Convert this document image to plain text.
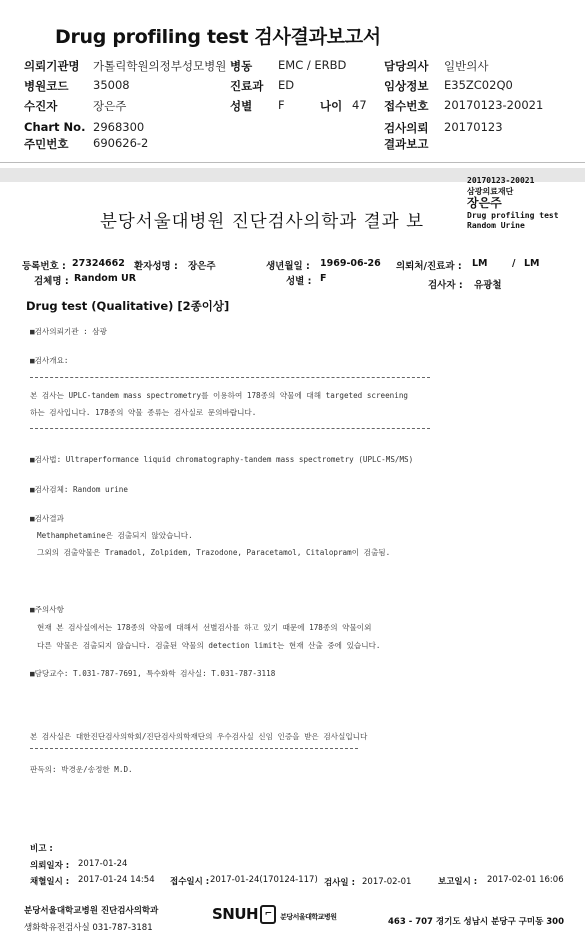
Drug profiling test 검사결과보고서
의뢰기관명 가톨릭학원의정부성모병원 병동 EMC / ERBD	담당의사 일반의사
병원코드 35008	진료과 ED	임상정보 E35ZC02Q0
수진자	장은주	성별 F	나이 47 접수번호 20170123-20021
Chart No. 2968300	검사의뢰 20170123
주민번호 690626-2	결과보고
20170123-20021
삼광의료재단
장은주
Drug profiling test
Random Urine
분당서울대병원 진단검사의학과 결과 보
등록번호 : 27324662 환자성명 : 장은주	생년월일 : 1969-06-26 의뢰처/진료과 : LM	/ LM
검체명 : Random UR	성별 : F
검사자 : 유광철
Drug test (Qualitative) [2종이상]
■검사의뢰기관 : 삼광
■검사개요:
본 검사는 UPLC-tandem mass spectrometry를 이용하여 178종의 약물에 대해 targeted screening
하는 검사입니다. 178종의 약물 종류는 검사실로 문의바랍니다.
■검사법: Ultraperformance liquid chromatography-tandem mass spectrometry (UPLC-MS/MS)
■검사검체: Random urine
■검사결과
Methamphetamine은 검출되지 않았습니다.
그외의 검출약물은 Tramadol, Zolpidem, Trazodone, Paracetamol, Citalopram이 검출됨.
■주의사항
현재 본 검사실에서는 178종의 약물에 대해서 선별검사를 하고 있기 때문에 178종의 약물이외
다른 약물은 검출되지 않습니다. 검출된 약물의 detection limit는 현재 산출 중에 있습니다.
■담당교수: T.031-787-7691, 특수화학 검사실: T.031-787-3118
본 검사실은 대한진단검사의학회/진단검사의학재단의 우수검사실 신임 인증을 받은 검사실입니다
판독의: 박경운/송정한 M.D.
비고 :
의뢰일자 : 2017-01-24
채혈일시 : 2017-01-24 14:54 접수일시 : 2017-01-24(170124-117) 검사일 : 2017-02-01	보고일시 : 2017-02-01 16:06
분당서울대학교병원 진단검사의학과
생화학유전검사실 031-787-3181
SNUH ⌐ 분당서울대학교병원	463 - 707 경기도 성남시 분당구 구미동 300
